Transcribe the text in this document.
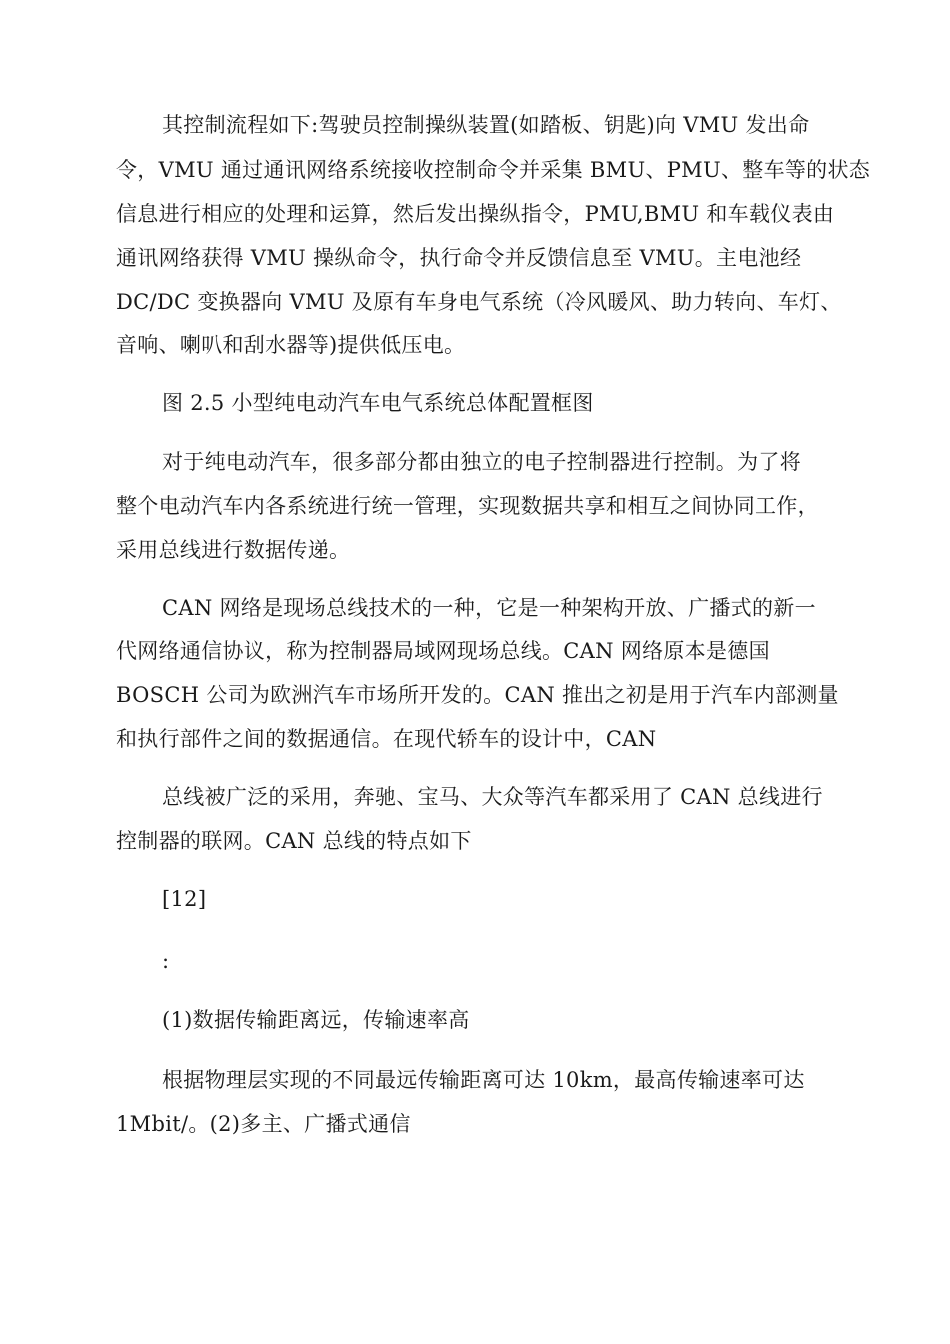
其控制流程如下:驾驶员控制操纵装置(如踏板、钥匙)向 VMU 发出命
令，VMU 通过通讯网络系统接收控制命令并采集 BMU、PMU、整车等的状态
信息进行相应的处理和运算，然后发出操纵指令，PMU,BMU 和车载仪表由
通讯网络获得 VMU 操纵命令，执行命令并反馈信息至 VMU。主电池经
DC/DC 变换器向 VMU 及原有车身电气系统（冷风暖风、助力转向、车灯、
音响、喇叭和刮水器等)提供低压电。
图 2.5 小型纯电动汽车电气系统总体配置框图
对于纯电动汽车，很多部分都由独立的电子控制器进行控制。为了将
整个电动汽车内各系统进行统一管理，实现数据共享和相互之间协同工作，
采用总线进行数据传递。
CAN 网络是现场总线技术的一种，它是一种架构开放、广播式的新一
代网络通信协议，称为控制器局域网现场总线。CAN 网络原本是德国
BOSCH 公司为欧洲汽车市场所开发的。CAN 推出之初是用于汽车内部测量
和执行部件之间的数据通信。在现代轿车的设计中，CAN
总线被广泛的采用，奔驰、宝马、大众等汽车都采用了 CAN 总线进行
控制器的联网。CAN 总线的特点如下
[12]
:
(1)数据传输距离远，传输速率高
根据物理层实现的不同最远传输距离可达 10km，最高传输速率可达
1Mbit/。(2)多主、广播式通信
